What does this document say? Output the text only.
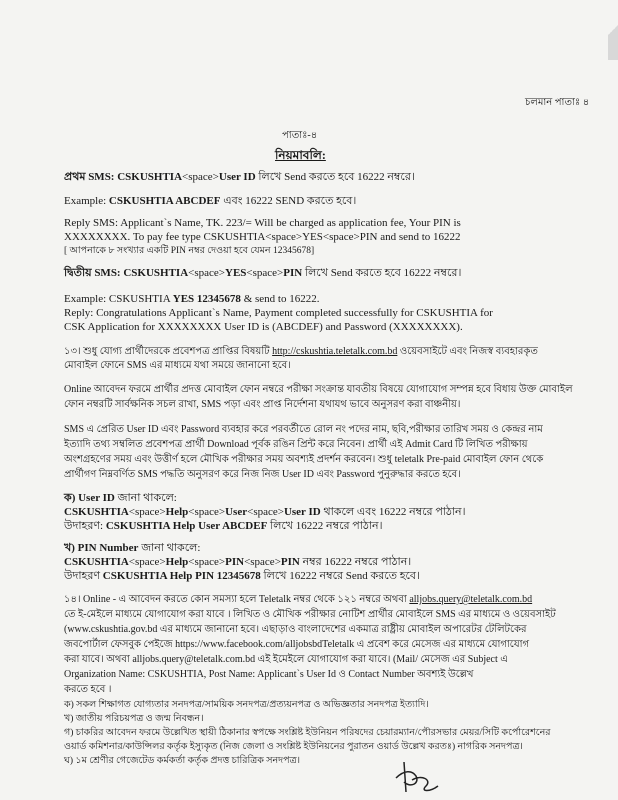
চলমান পাতাঃ ৪
পাতাঃ-৪
নিয়মাবলি:
প্রথম SMS: CSKUSHTIA<space>User ID লিখে Send করতে হবে 16222 নম্বরে।
Example: CSKUSHTIA ABCDEF এবং 16222 SEND করতে হবে।
Reply SMS: Applicant`s Name, TK. 223/= Will be charged as application fee, Your PIN is
XXXXXXXX. To pay fee type CSKUSHTIA<space>YES<space>PIN and send to 16222
[ আপনাকে ৮ সংখ্যার একটি PIN নম্বর দেওয়া হবে যেমন 12345678]
দ্বিতীয় SMS: CSKUSHTIA<space>YES<space>PIN লিখে Send করতে হবে 16222 নম্বরে।
Example: CSKUSHTIA YES 12345678 & send to 16222.
Reply: Congratulations Applicant`s Name, Payment completed successfully for CSKUSHTIA for
CSK Application for XXXXXXXX User ID is (ABCDEF) and Password (XXXXXXXX).
১৩। শুধু যোগ্য প্রার্থীদেরকে প্রবেশপত্র প্রাপ্তির বিষয়টি http://cskushtia.teletalk.com.bd ওয়েবসাইটে এবং নিজস্ব ব্যবহারকৃত
মোবাইল ফোনে SMS এর মাধ্যমে যথা সময়ে জানানো হবে।
Online আবেদন ফরমে প্রার্থীর প্রদত্ত মোবাইল ফোন নম্বরে পরীক্ষা সংক্রান্ত যাবতীয় বিষয়ে যোগাযোগ সম্পন্ন হবে বিধায় উক্ত মোবাইল
ফোন নম্বরটি সার্বক্ষনিক সচল রাখা, SMS পড়া এবং প্রাপ্ত নির্দেশনা যথাযথ ভাবে অনুসরণ করা বাঞ্চনীয়।
SMS এ প্রেরিত User ID এবং Password ব্যবহার করে পরবর্তীতে রোল নং পদের নাম, ছবি,পরীক্ষার তারিখ সময় ও কেন্দ্রর নাম
ইত্যাদি তথ্য সম্বলিত প্রবেশপত্র প্রার্থী Download পূর্বক রঙিন প্রিন্ট করে নিবেন। প্রার্থী এই Admit Card টি লিখিত পরীক্ষায়
অংশগ্রহণের সময় এবং উত্তীর্ণ হলে মৌখিক পরীক্ষার সময় অবশ্যই প্রদর্শন করবেন। শুধু teletalk Pre-paid মোবাইল ফোন থেকে
প্রার্থীগণ নিম্নবর্ণিত SMS পদ্ধতি অনুসরণ করে নিজ নিজ User ID এবং Password পুনুরুদ্ধার করতে হবে।
ক) User ID জানা থাকলে:
CSKUSHTIA<space>Help<space>User<space>User ID থাকলে এবং 16222 নম্বরে পাঠান।
উদাহরণ: CSKUSHTIA Help User ABCDEF লিখে 16222 নম্বরে পাঠান।
খ) PIN Number জানা থাকলে:
CSKUSHTIA<space>Help<space>PIN<space>PIN নম্বর 16222 নম্বরে পাঠান।
উদাহরণ CSKUSHTIA Help PIN 12345678 লিখে 16222 নম্বরে Send করতে হবে।
১৪। Online - এ আবেদন করতে কোন সমস্যা হলে Teletalk নম্বর থেকে ১২১ নম্বরে অথবা alljobs.query@teletalk.com.bd
তে ই-মেইলে মাধ্যমে যোগাযোগ করা যাবে । লিখিত ও মৌখিক পরীক্ষার নোটিশ প্রার্থীর মোবাইলে SMS এর মাধ্যমে ও ওয়েবসাইট
(www.cskushtia.gov.bd এর মাধ্যমে জানানো হবে। এছাড়াও বাংলাদেশের একমাত্র রাষ্ট্রীয় মোবাইল অপারেটর টেলিটকের
জবপোর্টাল ফেসবুক পেইজে https://www.facebook.com/alljobsbdTeletalk এ প্রবেশ করে মেসেজ এর মাধ্যমে যোগাযোগ
করা যাবে। অথবা alljobs.query@teletalk.com.bd এই ইমেইলে যোগাযোগ করা যাবে। (Mail/ মেসেজ এর Subject এ
Organization Name: CSKUSHTIA, Post Name: Applicant`s User Id ও Contact Number অবশ্যই উল্লেখ
করতে হবে ।
ক) সকল শিক্ষাগত যোগ্যতার সনদপত্র/সাময়িক সনদপত্র/প্রত্যয়নপত্র ও অভিজ্ঞতার সনদপত্র ইত্যাদি।
খ) জাতীয় পরিচয়পত্র ও জন্ম নিবন্ধন।
গ) চাকরির আবেদন ফরমে উল্লেখিত স্থায়ী ঠিকানার স্বপক্ষে সংশ্লিষ্ট ইউনিয়ন পরিষদের চেয়ারম্যান/পৌরসভার মেয়র/সিটি কর্পোরেশনের
ওয়ার্ড কমিশনার/কাউন্সিলর কর্তৃক ইস্যুকৃত (নিজ জেলা ও সংশ্লিষ্ট ইউনিয়নের পুরাতন ওয়ার্ড উল্লেখ করতঃ) নাগরিক সনদপত্র।
ঘ) ১ম শ্রেণীর গেজেটেড কর্মকর্তা কর্তৃক প্রদত্ত চারিত্রিক সনদপত্র।
